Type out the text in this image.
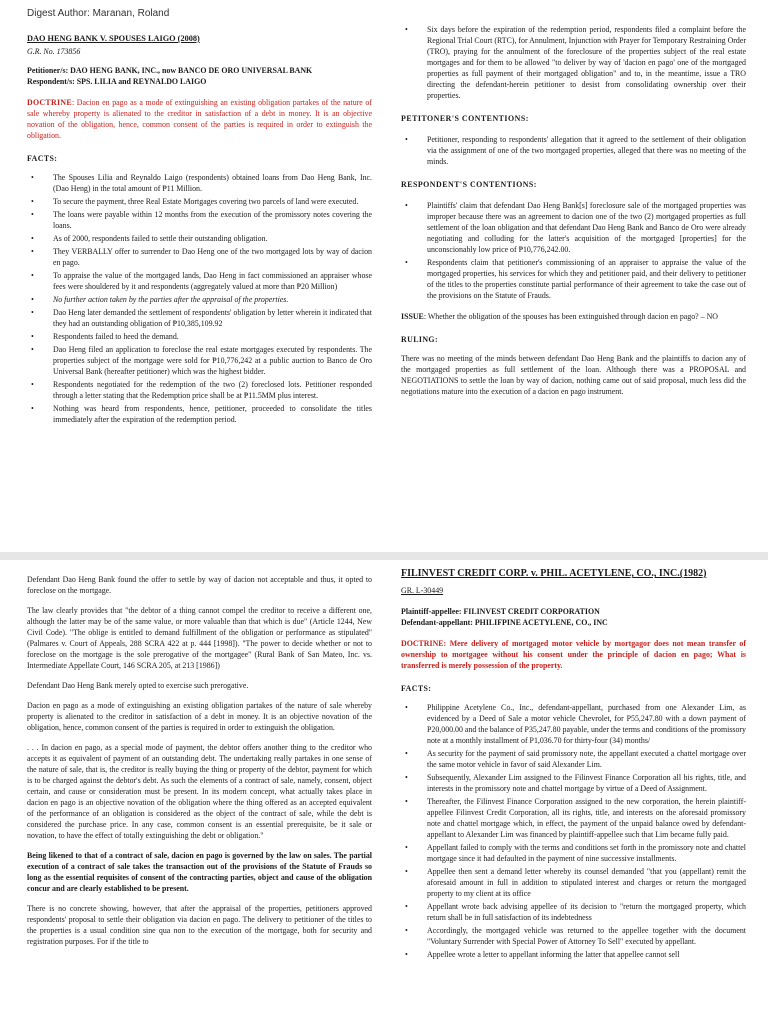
Digest Author: Maranan, Roland
DAO HENG BANK V. SPOUSES LAIGO (2008)
G.R. No. 173856
Petitioner/s: DAO HENG BANK, INC., now BANCO DE ORO UNIVERSAL BANK
Respondent/s: SPS. LILIA and REYNALDO LAIGO
DOCTRINE: Dacion en pago as a mode of extinguishing an existing obligation partakes of the nature of sale whereby property is alienated to the creditor in satisfaction of a debt in money. It is an objective novation of the obligation, hence, common consent of the parties is required in order to extinguish the obligation.
FACTS:
• The Spouses Lilia and Reynaldo Laigo (respondents) obtained loans from Dao Heng Bank, Inc. (Dao Heng) in the total amount of ₱11 Million.
• To secure the payment, three Real Estate Mortgages covering two parcels of land were executed.
• The loans were payable within 12 months from the execution of the promissory notes covering the loans.
• As of 2000, respondents failed to settle their outstanding obligation.
• They VERBALLY offer to surrender to Dao Heng one of the two mortgaged lots by way of dacion en pago.
• To appraise the value of the mortgaged lands, Dao Heng in fact commissioned an appraiser whose fees were shouldered by it and respondents (aggregately valued at more than ₱20 Million)
• No further action taken by the parties after the appraisal of the properties.
• Dao Heng later demanded the settlement of respondents' obligation by letter wherein it indicated that they had an outstanding obligation of ₱10,385,109.92
• Respondents failed to heed the demand.
• Dao Heng filed an application to foreclose the real estate mortgages executed by respondents. The properties subject of the mortgage were sold for ₱10,776,242 at a public auction to Banco de Oro Universal Bank (hereafter petitioner) which was the highest bidder.
• Respondents negotiated for the redemption of the two (2) foreclosed lots. Petitioner responded through a letter stating that the Redemption price shall be at ₱11.5MM plus interest.
• Nothing was heard from respondents, hence, petitioner, proceeded to consolidate the titles immediately after the expiration of the redemption period.
• Six days before the expiration of the redemption period, respondents filed a complaint before the Regional Trial Court (RTC), for Annulment, Injunction with Prayer for Temporary Restraining Order (TRO), praying for the annulment of the foreclosure of the properties subject of the real estate mortgages and for them to be allowed "to deliver by way of 'dacion en pago' one of the mortgaged properties as full payment of their mortgaged obligation" and to, in the meantime, issue a TRO directing the defendant-herein petitioner to desist from consolidating ownership over their properties.
PETITONER'S CONTENTIONS:
• Petitioner, responding to respondents' allegation that it agreed to the settlement of their obligation via the assignment of one of the two mortgaged properties, alleged that there was no meeting of the minds.
RESPONDENT'S CONTENTIONS:
• Plaintiffs' claim that defendant Dao Heng Bank[s] foreclosure sale of the mortgaged properties was improper because there was an agreement to dacion one of the two (2) mortgaged properties as full settlement of the loan obligation and that defendant Dao Heng Bank and Banco de Oro were already negotiating and colluding for the latter's acquisition of the mortgaged [properties] for the unconscionably low price of ₱10,776,242.00.
• Respondents claim that petitioner's commissioning of an appraiser to appraise the value of the mortgaged properties, his services for which they and petitioner paid, and their delivery to petitioner of the titles to the properties constitute partial performance of their agreement to take the case out of the provisions on the Statute of Frauds.

ISSUE: Whether the obligation of the spouses has been extinguished through dacion en pago? – NO

RULING:

There was no meeting of the minds between defendant Dao Heng Bank and the plaintiffs to dacion any of the mortgaged properties as full settlement of the loan. Although there was a PROPOSAL and NEGOTIATIONS to settle the loan by way of dacion, nothing came out of said proposal, much less did the negotiations mature into the execution of a dacion en pago instrument.

Defendant Dao Heng Bank found the offer to settle by way of dacion not acceptable and thus, it opted to foreclose on the mortgage.

The law clearly provides that "the debtor of a thing cannot compel the creditor to receive a different one, although the latter may be of the same value, or more valuable than that which is due" (Article 1244, New Civil Code). "The oblige is entitled to demand fulfillment of the obligation or performance as stipulated" (Palmares v. Court of Appeals, 288 SCRA 422 at p. 444 [1998]). "The power to decide whether or not to foreclose on the mortgage is the sole prerogative of the mortgagee" (Rural Bank of San Mateo, Inc. vs. Intermediate Appellate Court, 146 SCRA 205, at 213 [1986])

Defendant Dao Heng Bank merely opted to exercise such prerogative.

Dacion en pago as a mode of extinguishing an existing obligation partakes of the nature of sale whereby property is alienated to the creditor in satisfaction of a debt in money. It is an objective novation of the obligation, hence, common consent of the parties is required in order to extinguish the obligation.

. . . In dacion en pago, as a special mode of payment, the debtor offers another thing to the creditor who accepts it as equivalent of payment of an outstanding debt. The undertaking really partakes in one sense of the nature of sale, that is, the creditor is really buying the thing or property of the debtor, payment for which is to be charged against the debtor's debt. As such the elements of a contract of sale, namely, consent, object certain, and cause or consideration must be present. In its modern concept, what actually takes place in dacion en pago is an objective novation of the obligation where the thing offered as an accepted equivalent of the performance of an obligation is considered as the object of the contract of sale, while the debt is considered the purchase price. In any case, common consent is an essential prerequisite, be it sale or novation, to have the effect of totally extinguishing the debt or obligation."

Being likened to that of a contract of sale, dacion en pago is governed by the law on sales. The partial execution of a contract of sale takes the transaction out of the provisions of the Statute of Frauds so long as the essential requisites of consent of the contracting parties, object and cause of the obligation concur and are clearly established to be present.

There is no concrete showing, however, that after the appraisal of the properties, petitioners approved respondents' proposal to settle their obligation via dacion en pago. The delivery to petitioner of the titles to the properties is a usual condition sine qua non to the execution of the mortgage, both for security and registration purposes. For if the title to

FILINVEST CREDIT CORP. v. PHIL. ACETYLENE, CO., INC.(1982)
GR. L-30449
Plaintiff-appellee: FILINVEST CREDIT CORPORATION
Defendant-appellant: PHILIFPINE ACETYLENE, CO., INC
DOCTRINE: Mere delivery of mortgaged motor vehicle by mortgagor does not mean transfer of ownership to mortgagee without his consent under the principle of dacion en pago; What is transferred is merely possession of the property.
FACTS:
• Philippine Acetylene Co., Inc., defendant-appellant, purchased from one Alexander Lim, as evidenced by a Deed of Sale a motor vehicle Chevrolet, for P55,247.80 with a down payment of P20,000.00 and the balance of P35,247.80 payable, under the terms and conditions of the promissory note at a monthly installment of P1,036.70 for thirty-four (34) months/
• As security for the payment of said promissory note, the appellant executed a chattel mortgage over the same motor vehicle in favor of said Alexander Lim.
• Subsequently, Alexander Lim assigned to the Filinvest Finance Corporation all his rights, title, and interests in the promissory note and chattel mortgage by virtue of a Deed of Assignment.
• Thereafter, the Filinvest Finance Corporation assigned to the new corporation, the herein plaintiff-appellee Filinvest Credit Corporation, all its rights, title, and interests on the aforesaid promissory note and chattel mortgage which, in effect, the payment of the unpaid balance owed by defendant-appellant to Alexander Lim was financed by plaintiff-appellee such that Lim became fully paid.
• Appellant failed to comply with the terms and conditions set forth in the promissory note and chattel mortgage since it had defaulted in the payment of nine successive installments.
• Appellee then sent a demand letter whereby its counsel demanded "that you (appellant) remit the aforesaid amount in full in addition to stipulated interest and charges or return the mortgaged property to my client at its office
• Appellant wrote back advising appellee of its decision to "return the mortgaged property, which return shall be in full satisfaction of its indebtedness
• Accordingly, the mortgaged vehicle was returned to the appellee together with the document "Voluntary Surrender with Special Power of Attorney To Sell" executed by appellant.
• Appellee wrote a letter to appellant informing the latter that appellee cannot sell
